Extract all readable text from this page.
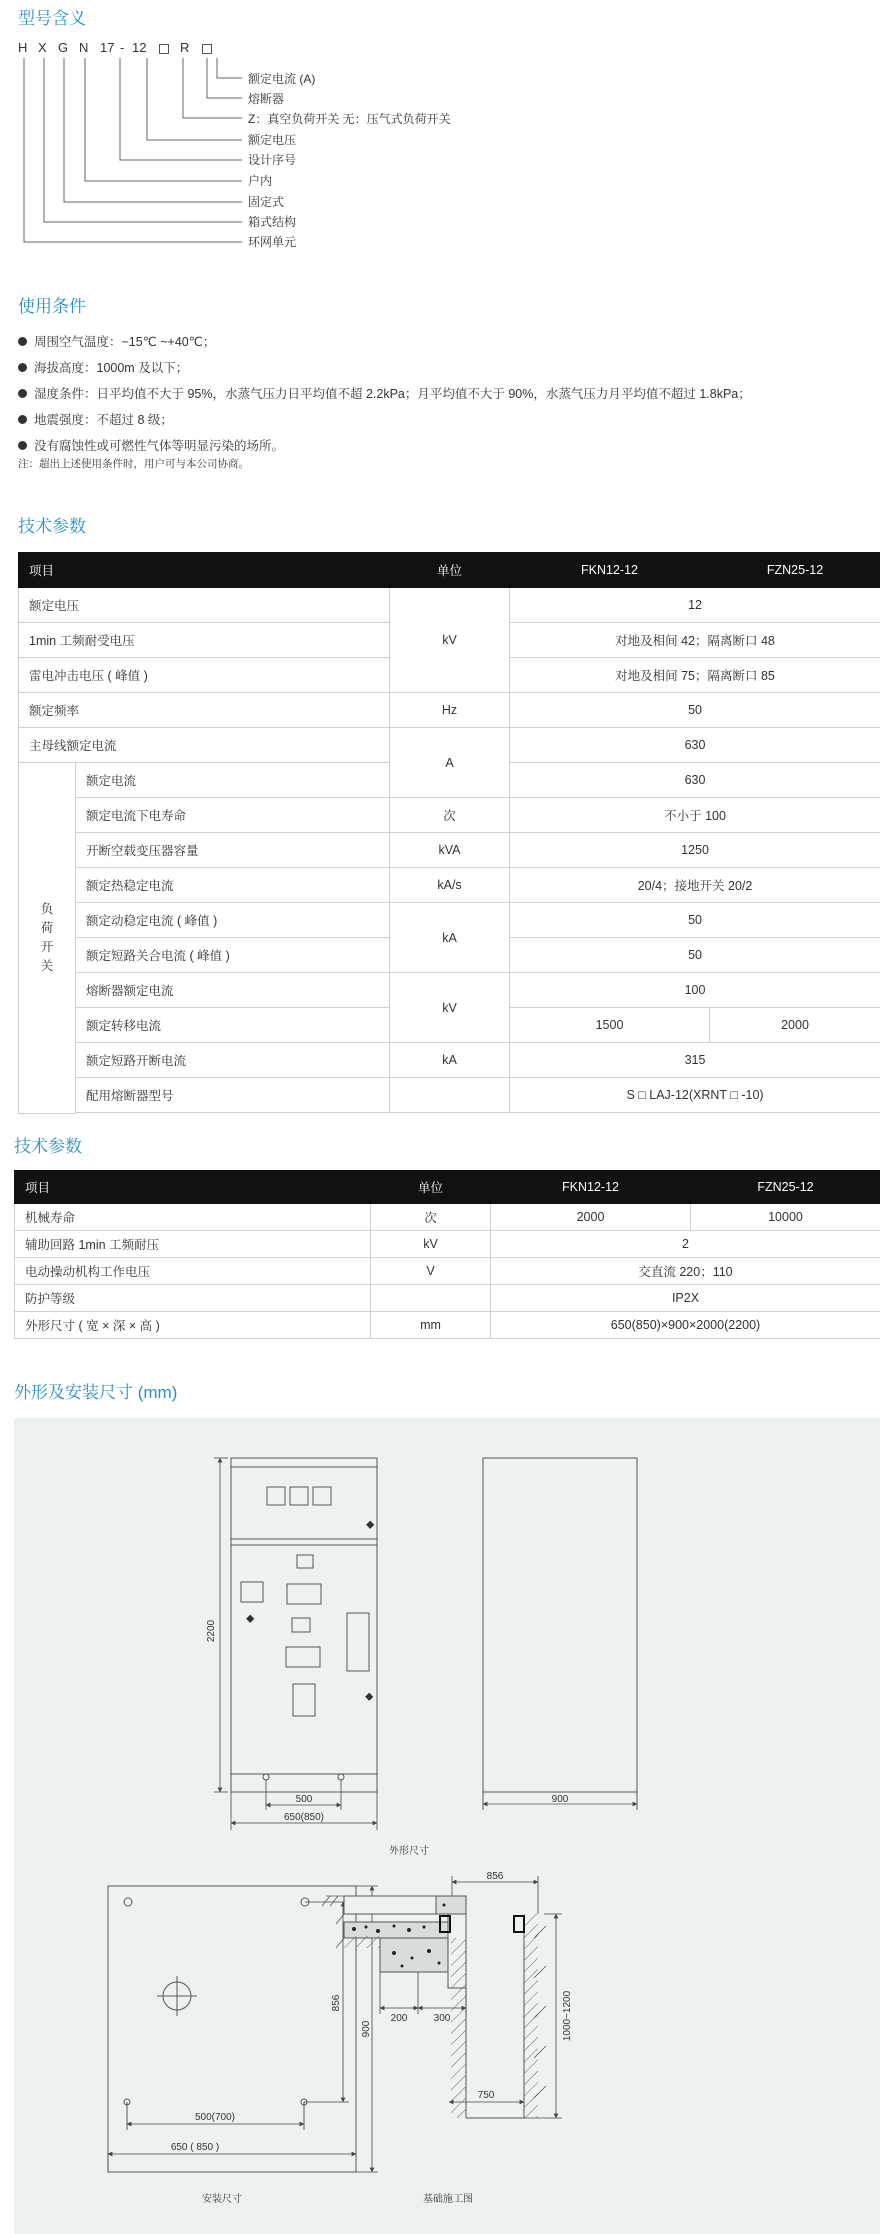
型号含义
H X G N 17 - 12	R
额定电流 (A)
熔断器
Z：真空负荷开关 无：压气式负荷开关
额定电压
设计序号
户内
固定式
箱式结构
环网单元
使用条件
周围空气温度：−15℃ ~+40℃；
海拔高度：1000m 及以下；
湿度条件：日平均值不大于 95%，水蒸气压力日平均值不超 2.2kPa；月平均值不大于 90%，水蒸气压力月平均值不超过 1.8kPa；
地震强度：不超过 8 级；
没有腐蚀性或可燃性气体等明显污染的场所。
注：超出上述使用条件时，用户可与本公司协商。
技术参数
项目		单位	FKN12-12	FZN25-12	
额定电压		kV	12		
1min 工频耐受电压			对地及相间 42；隔离断口 48		
雷电冲击电压 ( 峰值 )			对地及相间 75；隔离断口 85		
额定频率		Hz	50		
主母线额定电流		A	630		
负荷开关	额定电流		630		
	额定电流下电寿命	次	不小于 100		
	开断空载变压器容量	kVA	1250		
	额定热稳定电流	kA/s	20/4；接地开关 20/2		
	额定动稳定电流 ( 峰值 )	kA	50		
	额定短路关合电流 ( 峰值 )		50		
	熔断器额定电流	kV	100		
	额定转移电流		1500	2000	
	额定短路开断电流	kA	315		
	配用熔断器型号		S □ LAJ-12(XRNT □ -10)		

技术参数
项目	单位	FKN12-12	FZN25-12
机械寿命	次	2000	10000
辅助回路 1min 工频耐压	kV	2	
电动操动机构工作电压	V	交直流 220；110	
防护等级		IP2X	
外形尺寸 ( 宽 × 深 × 高 )	mm	650(850)×900×2000(2200)	
外形及安装尺寸 (mm)
⬥
⬥
⬥
2200
500
650(850)
900
外形尺寸
856
900
500(700)
650 ( 850 )
安装尺寸
856
200	300
750
1000~1200
基础施工图
